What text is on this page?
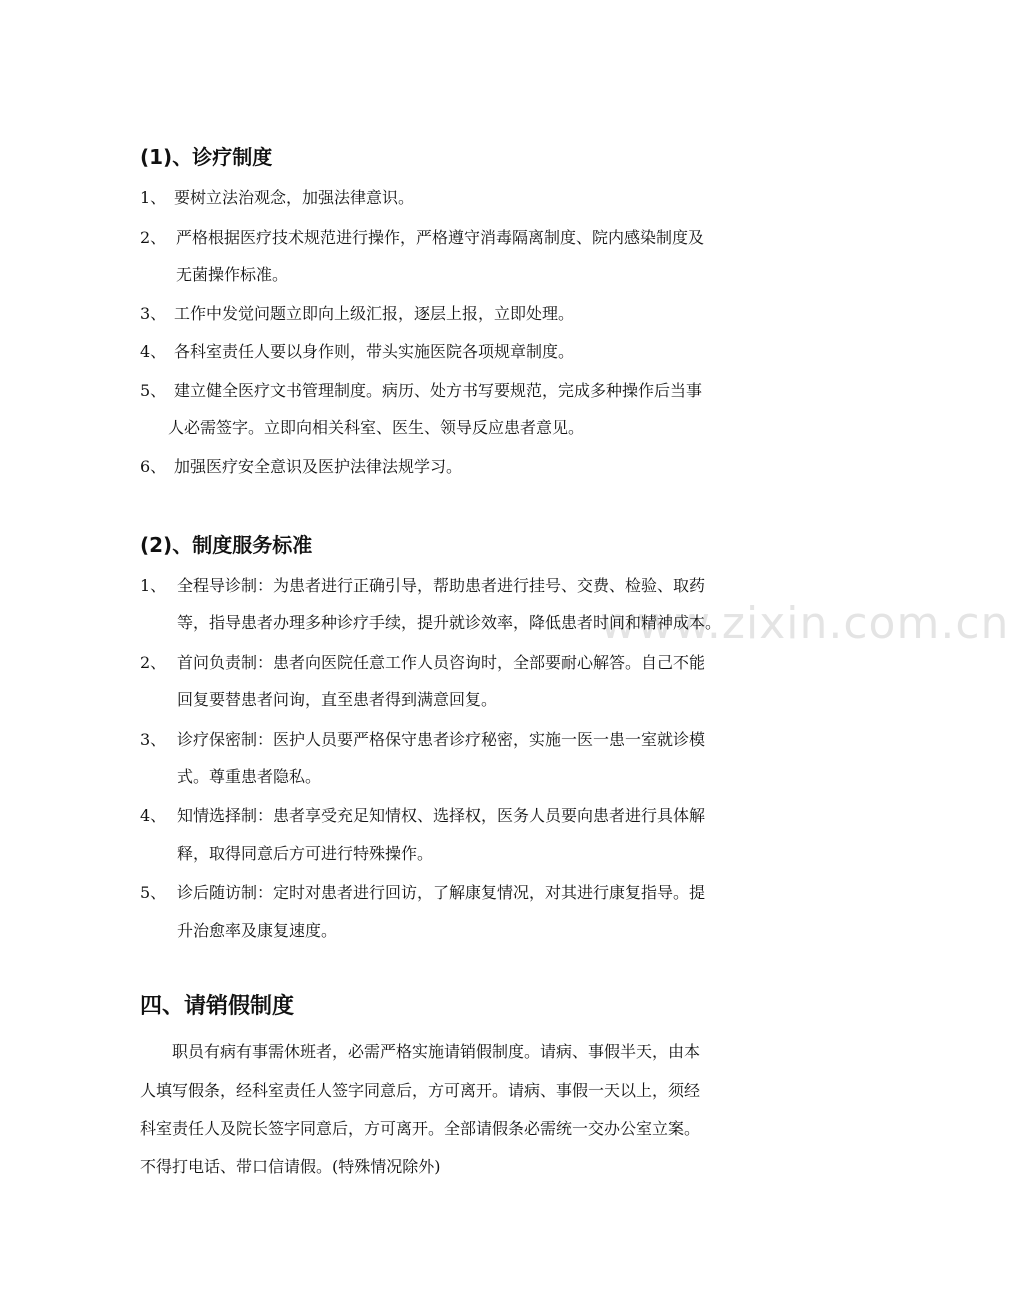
www.zixin.com.cn
(1)、诊疗制度
1、 要树立法治观念，加强法律意识。
2、 严格根据医疗技术规范进行操作，严格遵守消毒隔离制度、院内感染制度及
无菌操作标准。
3、 工作中发觉问题立即向上级汇报，逐层上报，立即处理。
4、 各科室责任人要以身作则，带头实施医院各项规章制度。
5、 建立健全医疗文书管理制度。病历、处方书写要规范，完成多种操作后当事
人必需签字。立即向相关科室、医生、领导反应患者意见。
6、 加强医疗安全意识及医护法律法规学习。
(2)、制度服务标准
1、 全程导诊制：为患者进行正确引导，帮助患者进行挂号、交费、检验、取药
等，指导患者办理多种诊疗手续，提升就诊效率，降低患者时间和精神成本。
2、 首问负责制：患者向医院任意工作人员咨询时，全部要耐心解答。自己不能
回复要替患者问询，直至患者得到满意回复。
3、 诊疗保密制：医护人员要严格保守患者诊疗秘密，实施一医一患一室就诊模
式。尊重患者隐私。
4、 知情选择制：患者享受充足知情权、选择权，医务人员要向患者进行具体解
释，取得同意后方可进行特殊操作。
5、 诊后随访制：定时对患者进行回访，了解康复情况，对其进行康复指导。提
升治愈率及康复速度。
四、请销假制度
职员有病有事需休班者，必需严格实施请销假制度。请病、事假半天，由本
人填写假条，经科室责任人签字同意后，方可离开。请病、事假一天以上，须经
科室责任人及院长签字同意后，方可离开。全部请假条必需统一交办公室立案。
不得打电话、带口信请假。(特殊情况除外)
